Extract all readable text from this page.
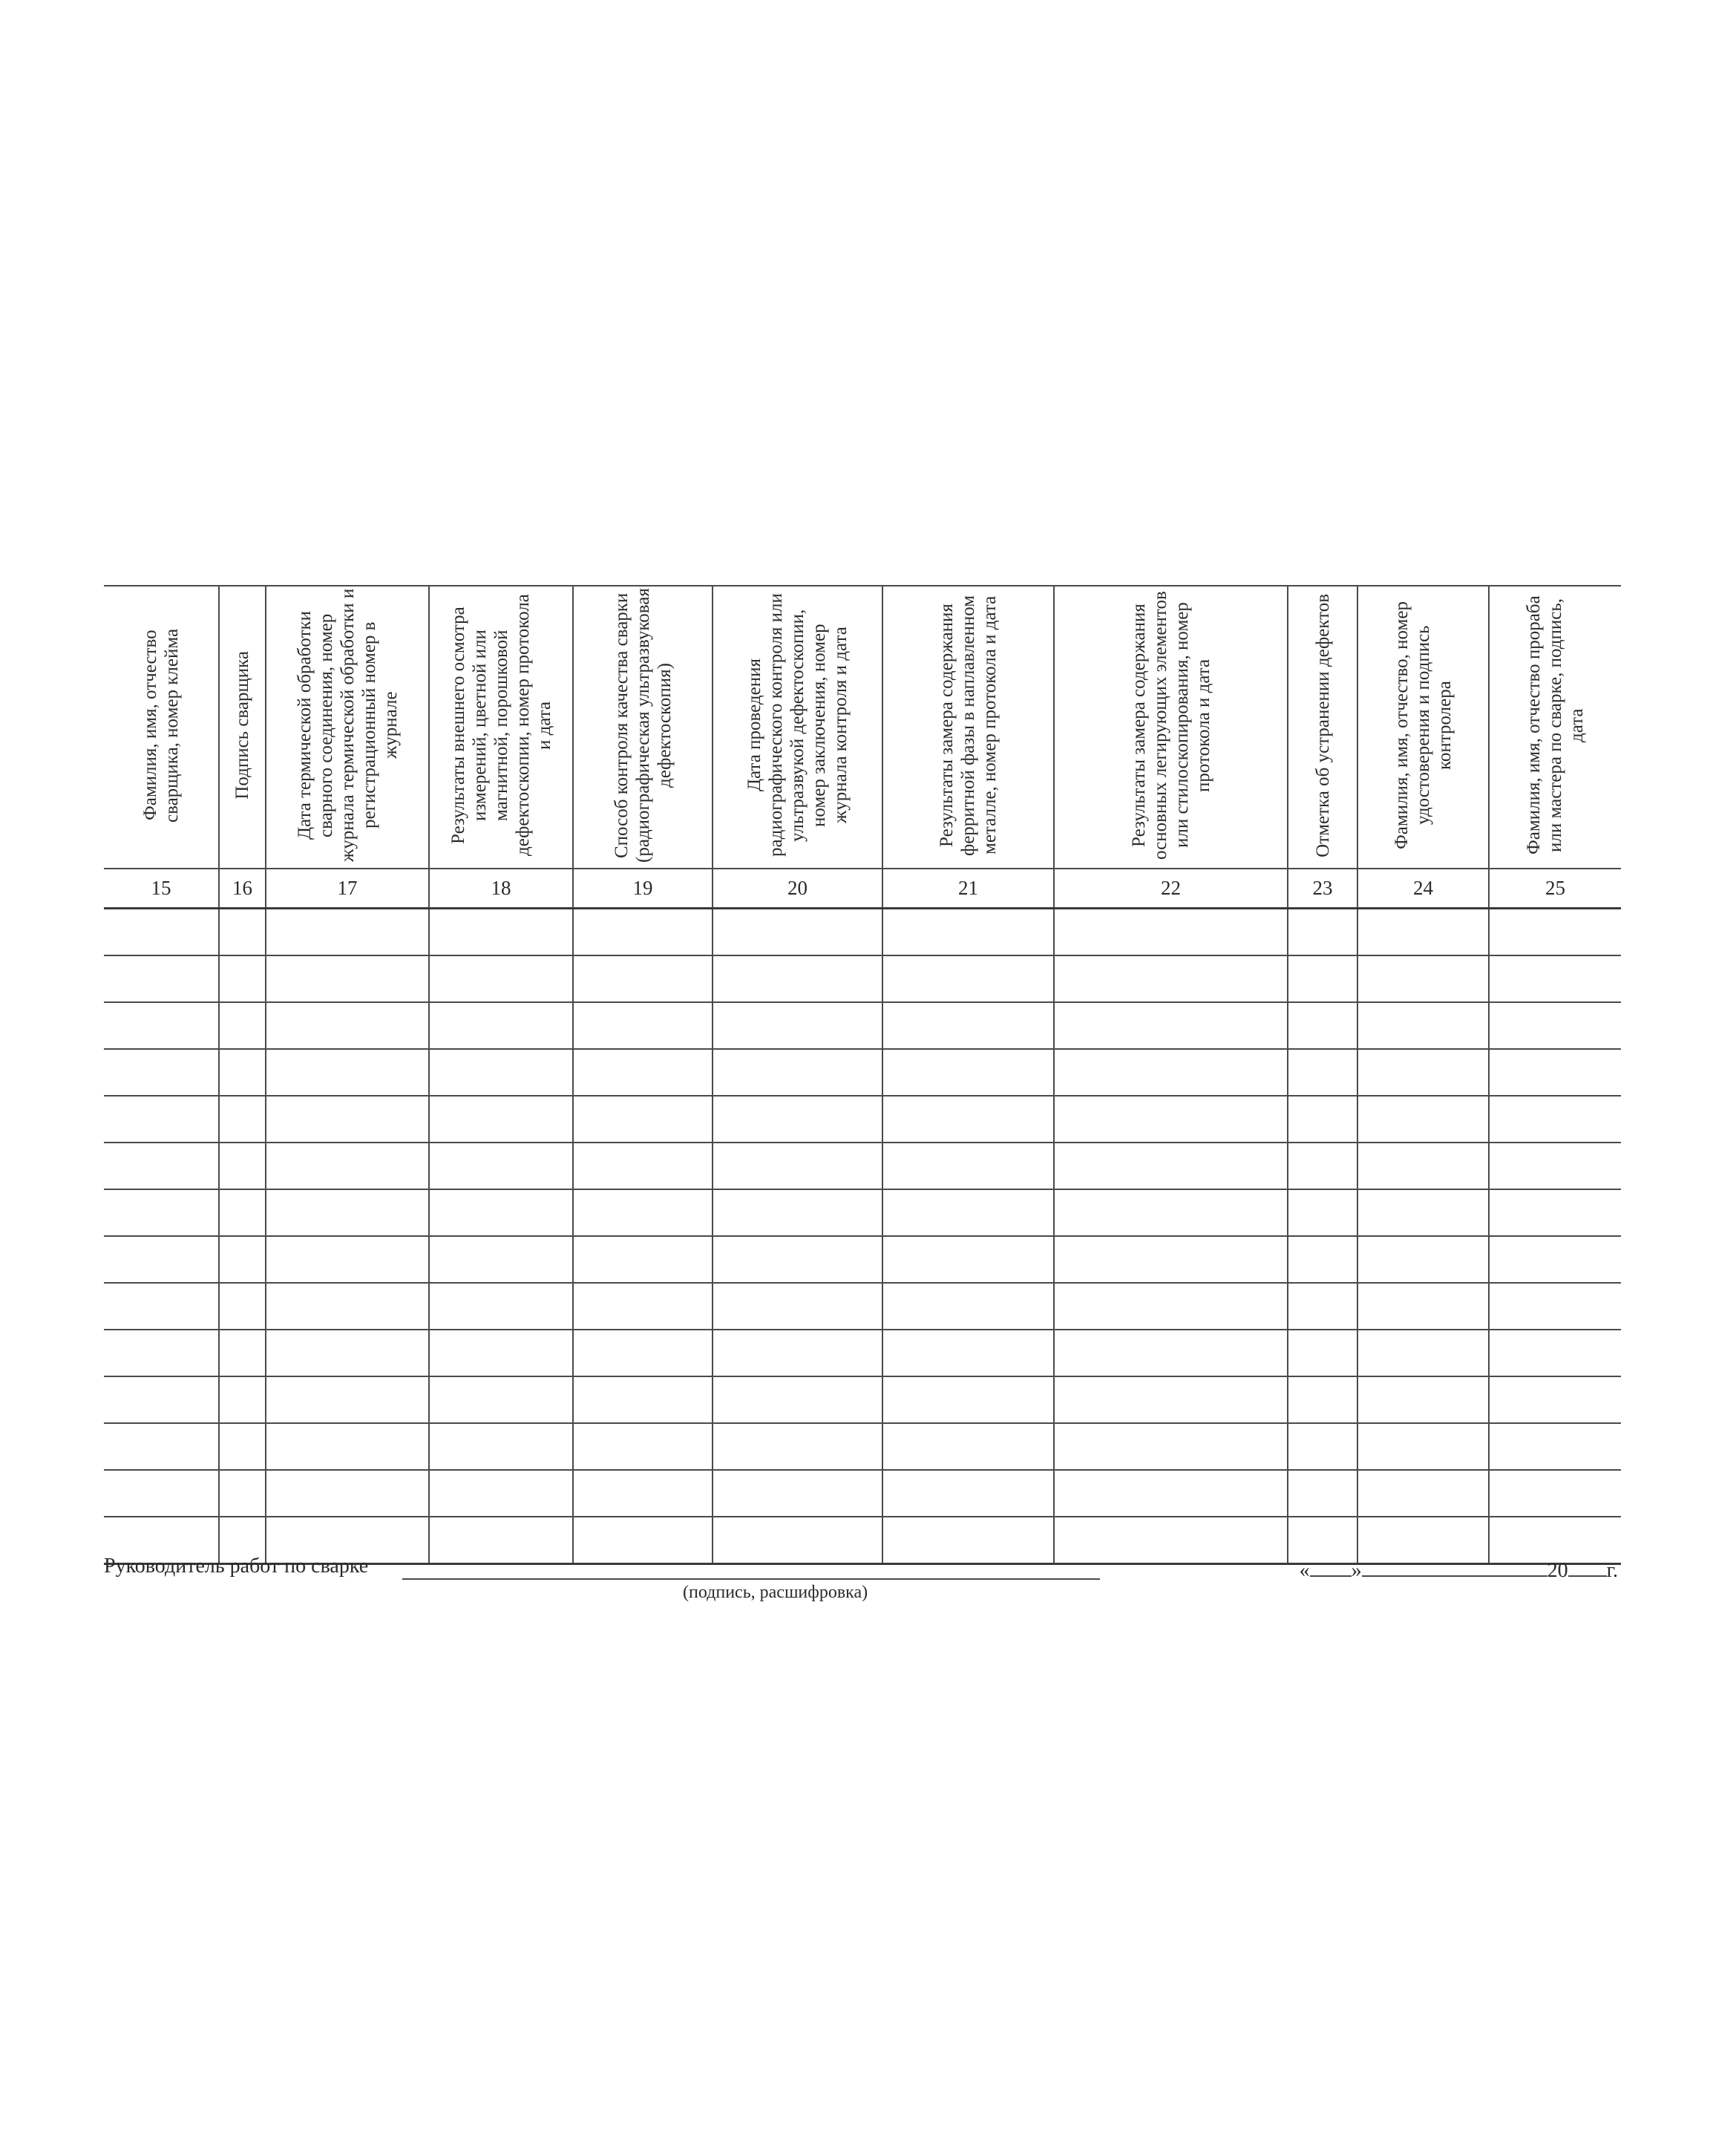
Фамилия, имя, отчество сварщика, номер клейма	Подпись сварщика	Дата термической обработки сварного соединения, номер журнала термической обработки и регистрационный номер в журнале	Результаты внешнего осмотра измерений, цветной или магнитной, порошковой дефектоскопии, номер протокола и дата	Способ контроля качества сварки (радиографическая ультразвуковая дефектоскопия)	Дата проведения радиографического контроля или ультразвукой дефектоскопии, номер заключения, номер журнала контроля и дата	Результаты замера содержания ферритной фазы в наплавленном металле, номер протокола и дата	Результаты замера содержания основных легирующих элементов или стилоскопирования, номер протокола и дата	Отметка об устранении дефектов	Фамилия, имя, отчество, номер удостоверения и подпись контролера	Фамилия, имя, отчество прораба или мастера по сварке, подпись, дата
15	16	17	18	19	20	21	22	23	24	25

Руководитель работ по сварке
(подпись, расшифровка)
« »	20 г.
